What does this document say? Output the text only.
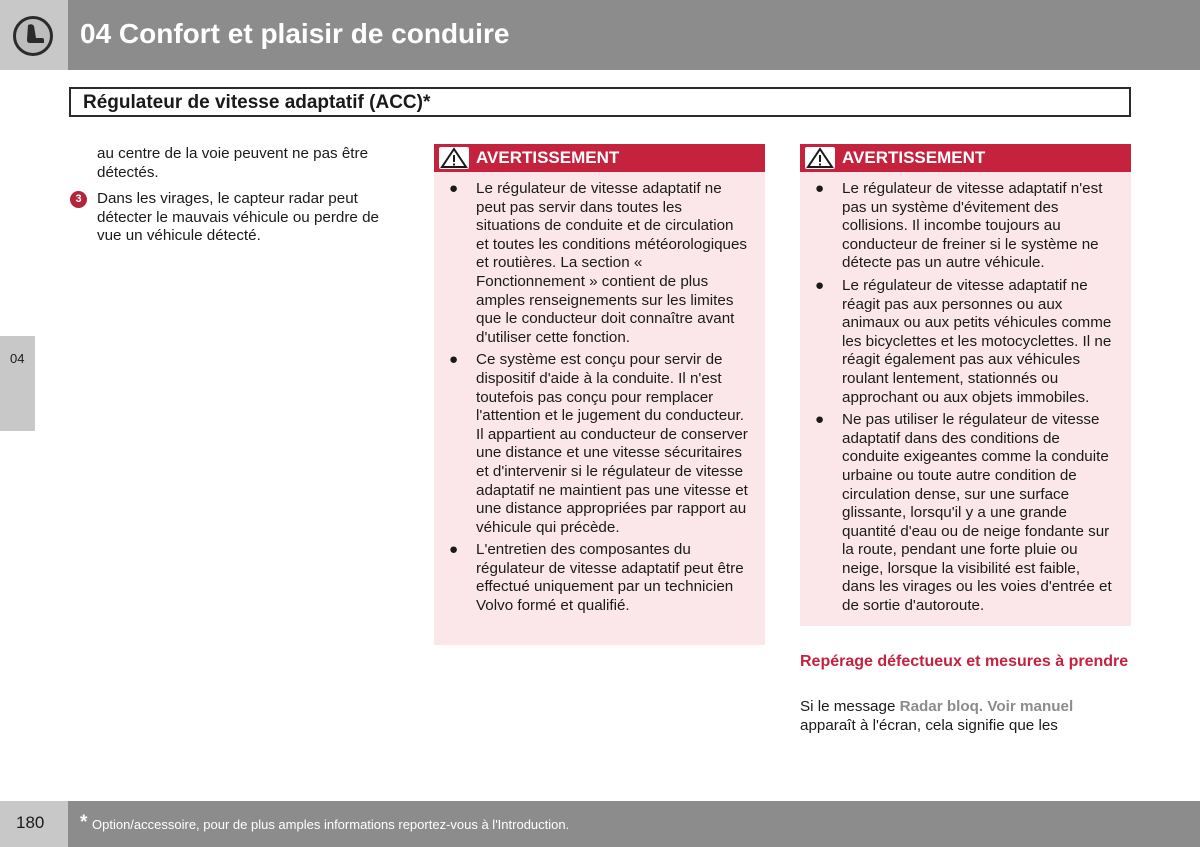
04 Confort et plaisir de conduire
Régulateur de vitesse adaptatif (ACC)*
04

au centre de la voie peuvent ne pas être détectés.

3	Dans les virages, le capteur radar peut détecter le mauvais véhicule ou perdre de vue un véhicule détecté.

AVERTISSEMENT
● Le régulateur de vitesse adaptatif ne peut pas servir dans toutes les situations de conduite et de circulation et toutes les conditions météorologiques et routières. La section « Fonctionnement » contient de plus amples renseignements sur les limites que le conducteur doit connaître avant d'utiliser cette fonction.
● Ce système est conçu pour servir de dispositif d'aide à la conduite. Il n'est toutefois pas conçu pour remplacer l'attention et le jugement du conducteur. Il appartient au conducteur de conserver une distance et une vitesse sécuritaires et d'intervenir si le régulateur de vitesse adaptatif ne maintient pas une vitesse et une distance appropriées par rapport au véhicule qui précède.
● L'entretien des composantes du régulateur de vitesse adaptatif peut être effectué uniquement par un technicien Volvo formé et qualifié.
AVERTISSEMENT
● Le régulateur de vitesse adaptatif n'est pas un système d'évitement des collisions. Il incombe toujours au conducteur de freiner si le système ne détecte pas un autre véhicule.
● Le régulateur de vitesse adaptatif ne réagit pas aux personnes ou aux animaux ou aux petits véhicules comme les bicyclettes et les motocyclettes. Il ne réagit également pas aux véhicules roulant lentement, stationnés ou approchant ou aux objets immobiles.
● Ne pas utiliser le régulateur de vitesse adaptatif dans des conditions de conduite exigeantes comme la conduite urbaine ou toute autre condition de circulation dense, sur une surface glissante, lorsqu'il y a une grande quantité d'eau ou de neige fondante sur la route, pendant une forte pluie ou neige, lorsque la visibilité est faible, dans les virages ou les voies d'entrée et de sortie d'autoroute.
Repérage défectueux et mesures à prendre
Si le message Radar bloq. Voir manuel apparaît à l'écran, cela signifie que les
180 * Option/accessoire, pour de plus amples informations reportez-vous à l'Introduction.
